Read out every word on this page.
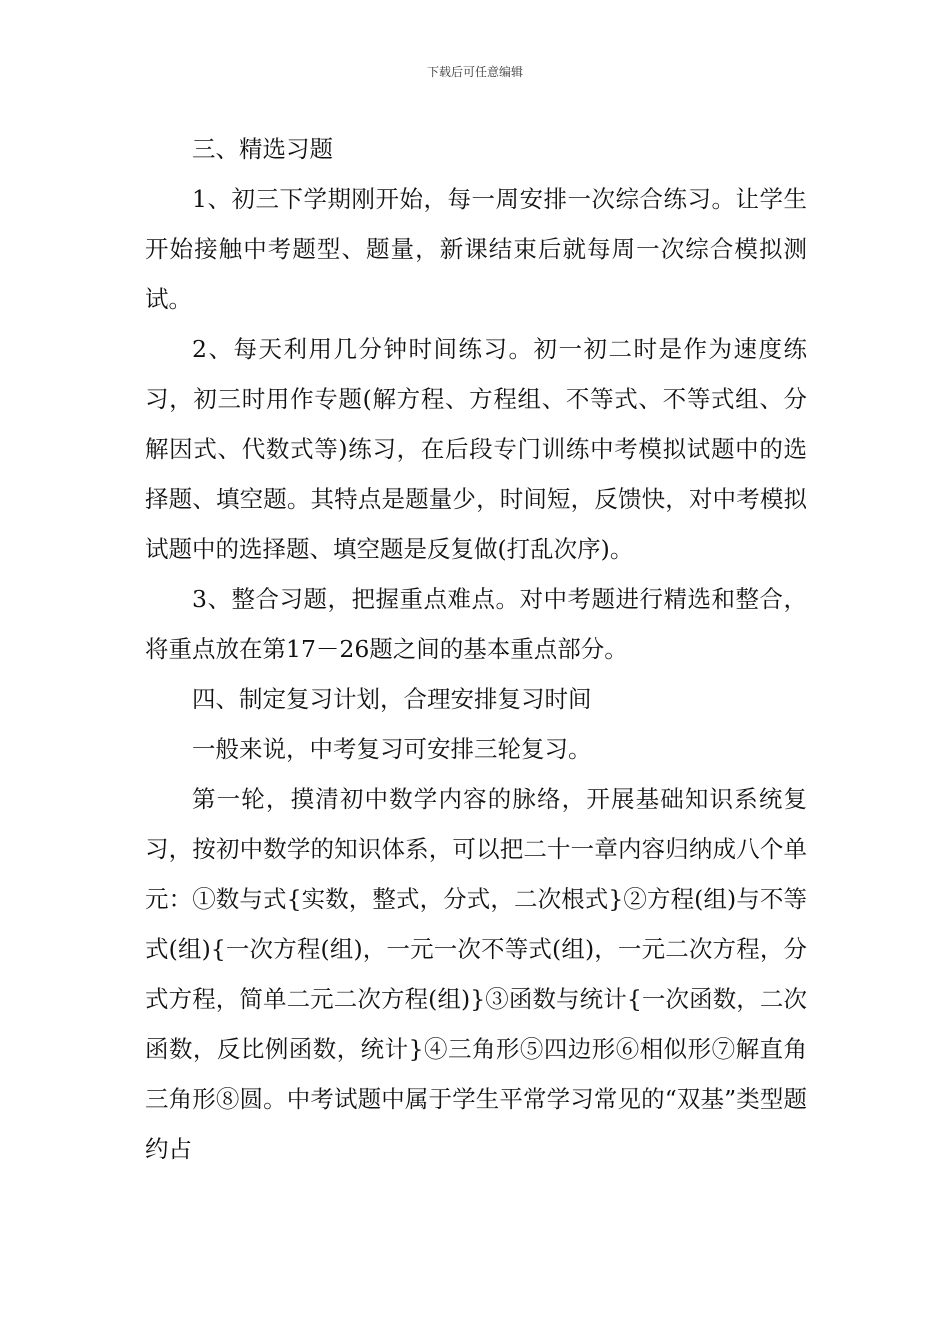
下载后可任意编辑

三、精选习题

1、初三下学期刚开始，每一周安排一次综合练习。让学生开始接触中考题型、题量，新课结束后就每周一次综合模拟测试。

2、每天利用几分钟时间练习。初一初二时是作为速度练习，初三时用作专题(解方程、方程组、不等式、不等式组、分解因式、代数式等)练习，在后段专门训练中考模拟试题中的选择题、填空题。其特点是题量少，时间短，反馈快，对中考模拟试题中的选择题、填空题是反复做(打乱次序)。

3、整合习题，把握重点难点。对中考题进行精选和整合，将重点放在第17－26题之间的基本重点部分。

四、制定复习计划，合理安排复习时间

一般来说，中考复习可安排三轮复习。

第一轮，摸清初中数学内容的脉络，开展基础知识系统复习，按初中数学的知识体系，可以把二十一章内容归纳成八个单元：①数与式{实数，整式，分式，二次根式}②方程(组)与不等式(组){一次方程(组)，一元一次不等式(组)，一元二次方程，分式方程，简单二元二次方程(组)}③函数与统计{一次函数，二次函数，反比例函数，统计}④三角形⑤四边形⑥相似形⑦解直角三角形⑧圆。中考试题中属于学生平常学习常见的“双基”类型题约占
